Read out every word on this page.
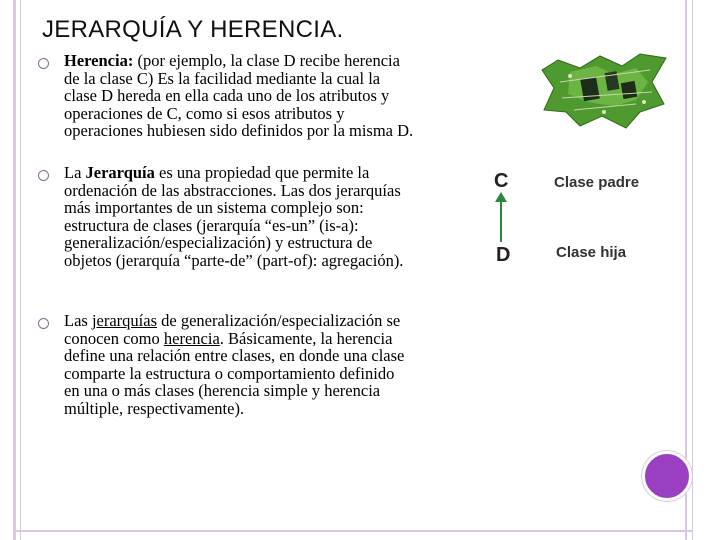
JERARQUÍA Y HERENCIA.
Herencia: (por ejemplo, la clase D recibe herencia
de la clase C) Es la facilidad mediante la cual la
clase D hereda en ella cada uno de los atributos y
operaciones de C, como si esos atributos y
operaciones hubiesen sido definidos por la misma D.
La Jerarquía es una propiedad que permite la
ordenación de las abstracciones. Las dos jerarquías
más importantes de un sistema complejo son:
estructura de clases (jerarquía “es-un” (is-a):
generalización/especialización) y estructura de
objetos (jerarquía “parte-de” (part-of): agregación).
Las jerarquías de generalización/especialización se
conocen como herencia. Básicamente, la herencia
define una relación entre clases, en donde una clase
comparte la estructura o comportamiento definido
en una o más clases (herencia simple y herencia
múltiple, respectivamente).
C
D
Clase padre
Clase hija
